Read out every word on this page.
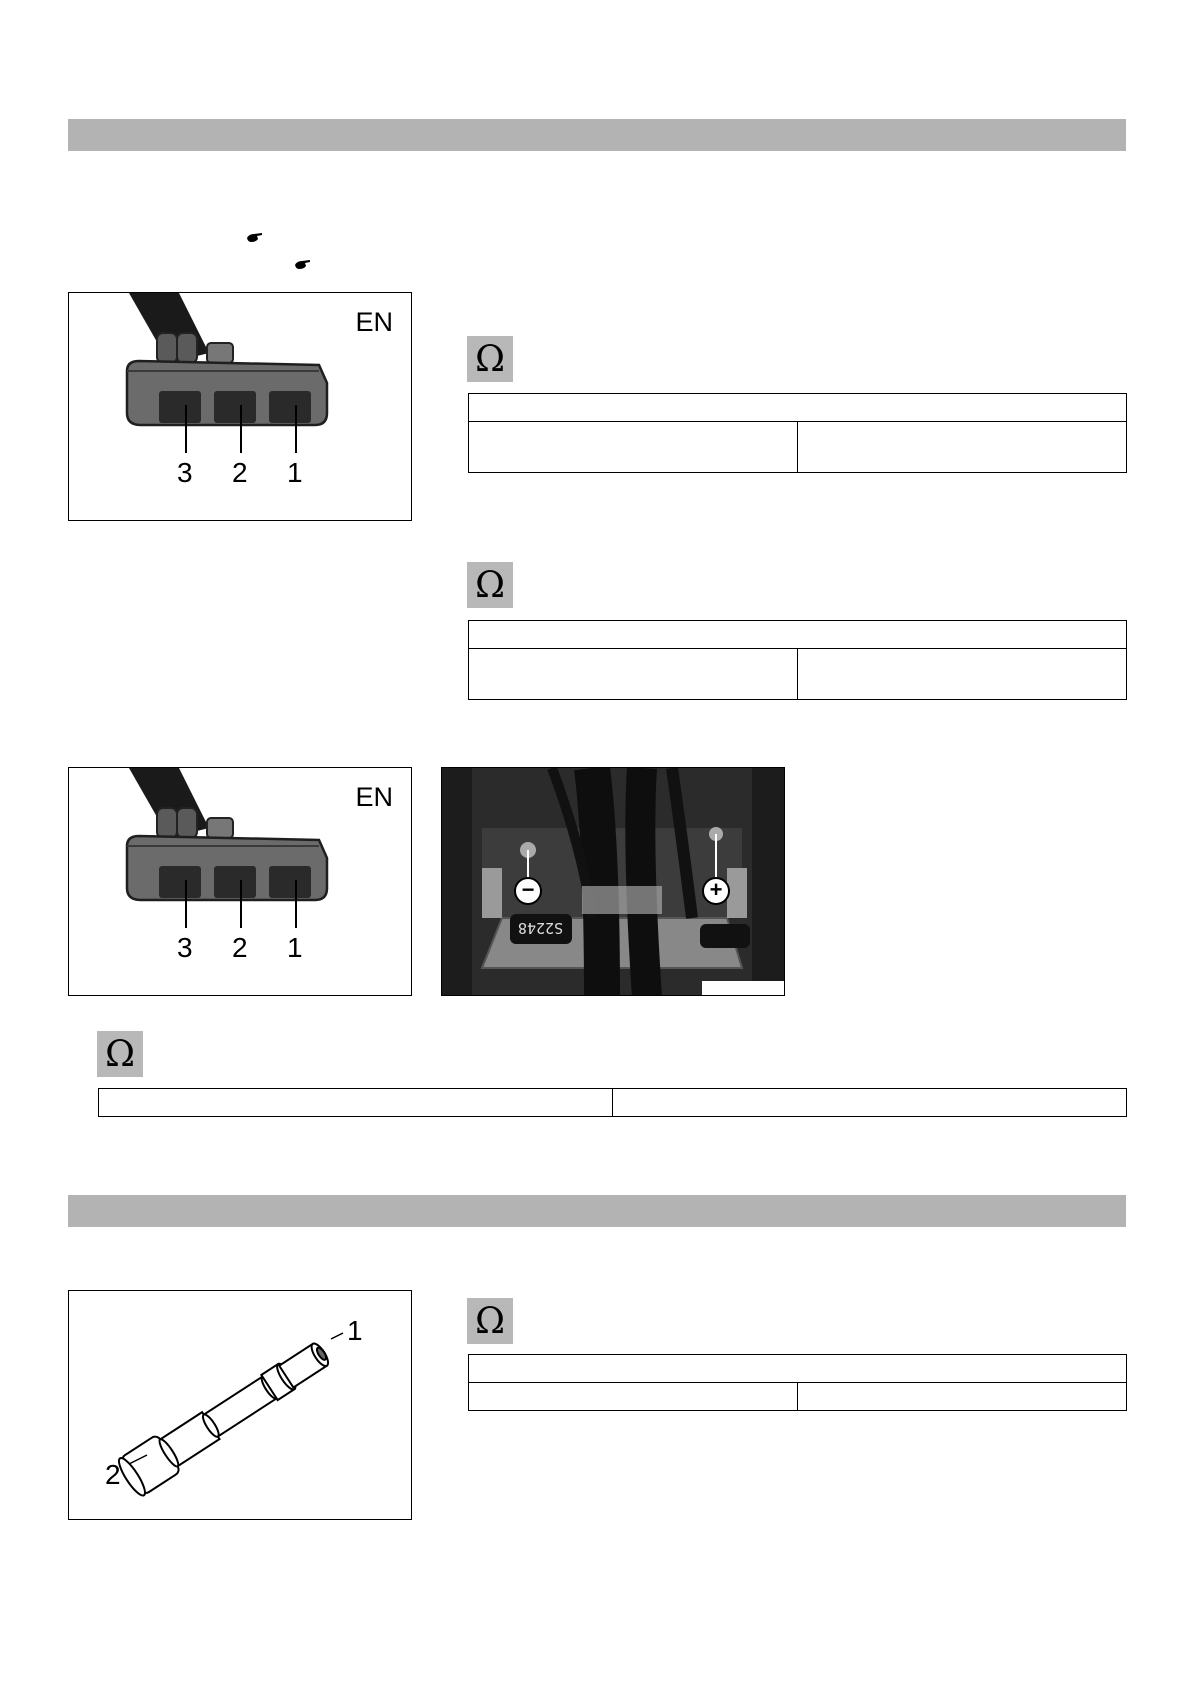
EN
3 2 1
Ω

Ω

EN
3 2 1
−	+
S2248
Ω

1
2
Ω
